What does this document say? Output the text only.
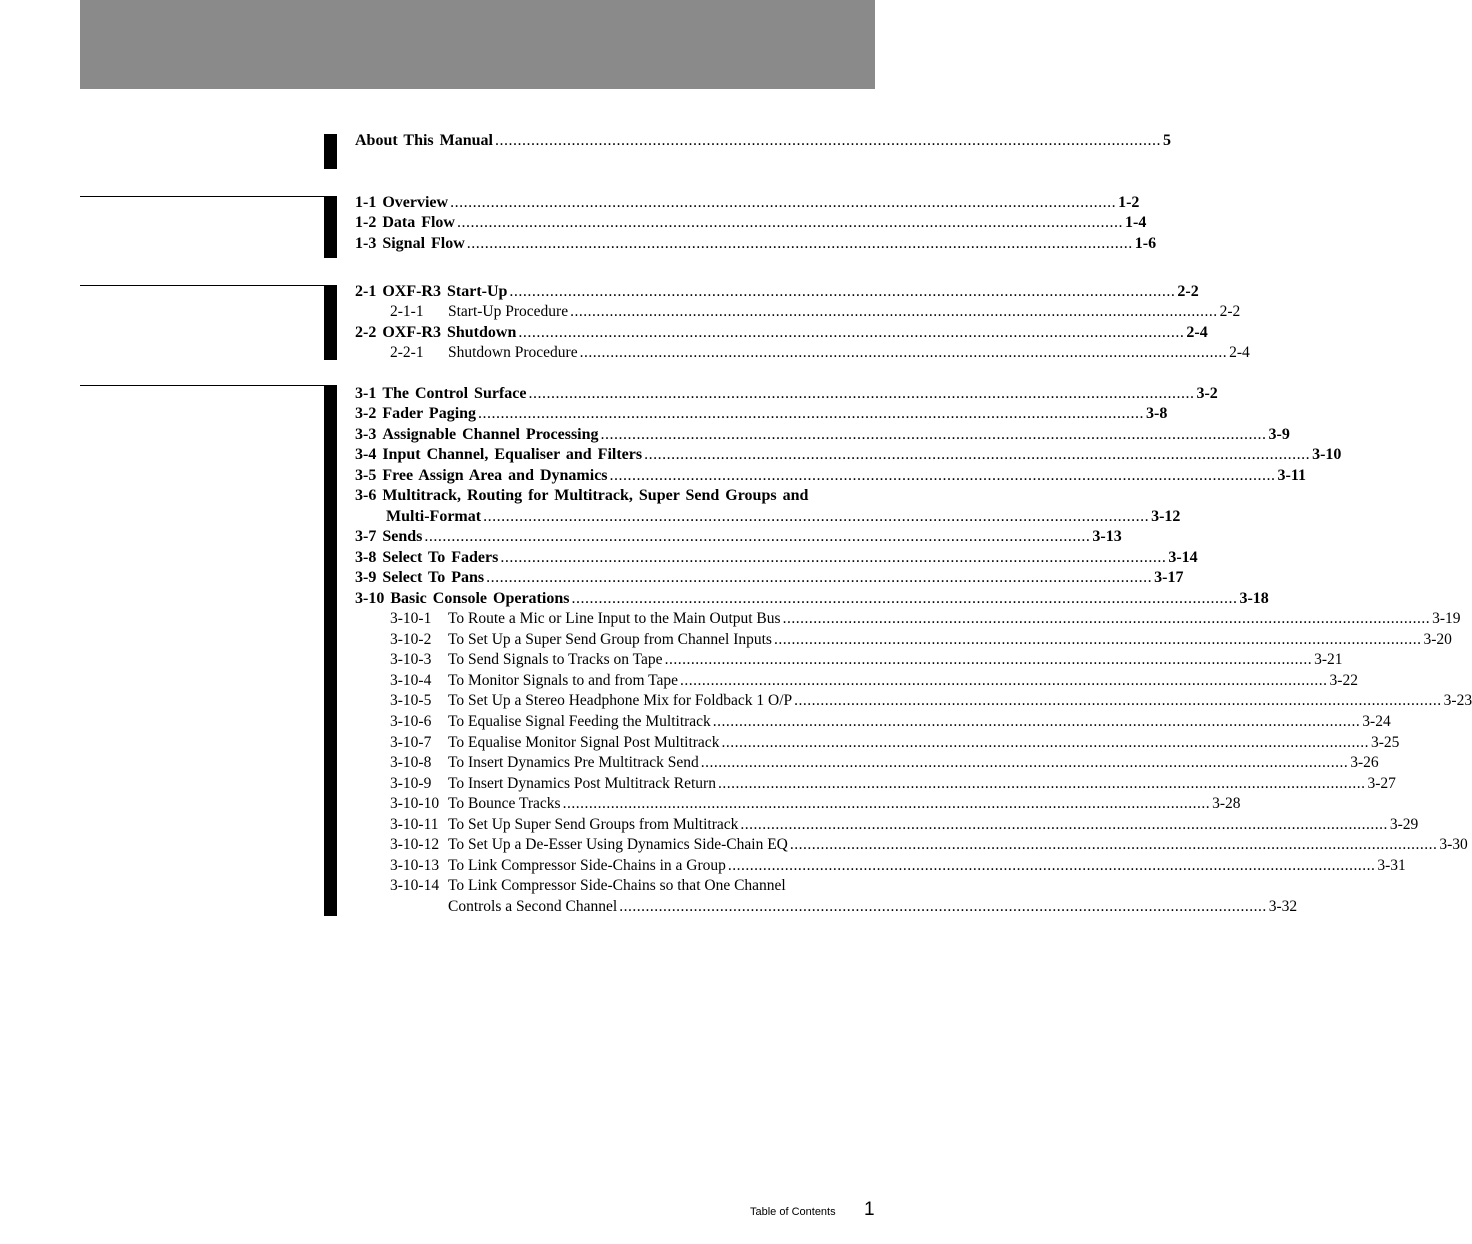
About This Manual .................................................................................................................................................... 5
1-1 Overview .................................................................................................................................................... 1-2
1-2 Data Flow .................................................................................................................................................... 1-4
1-3 Signal Flow .................................................................................................................................................... 1-6
2-1 OXF-R3 Start-Up .................................................................................................................................................... 2-2
2-1-1	Start-Up Procedure .................................................................................................................................................... 2-2
2-2 OXF-R3 Shutdown .................................................................................................................................................... 2-4
2-2-1	Shutdown Procedure .................................................................................................................................................... 2-4
3-1 The Control Surface .................................................................................................................................................... 3-2
3-2 Fader Paging .................................................................................................................................................... 3-8
3-3 Assignable Channel Processing .................................................................................................................................................... 3-9
3-4 Input Channel, Equaliser and Filters .................................................................................................................................................... 3-10
3-5 Free Assign Area and Dynamics .................................................................................................................................................... 3-11
3-6 Multitrack, Routing for Multitrack, Super Send Groups and
Multi-Format .................................................................................................................................................... 3-12
3-7 Sends .................................................................................................................................................... 3-13
3-8 Select To Faders .................................................................................................................................................... 3-14
3-9 Select To Pans .................................................................................................................................................... 3-17
3-10 Basic Console Operations .................................................................................................................................................... 3-18
3-10-1	To Route a Mic or Line Input to the Main Output Bus .................................................................................................................................................... 3-19
3-10-2	To Set Up a Super Send Group from Channel Inputs .................................................................................................................................................... 3-20
3-10-3	To Send Signals to Tracks on Tape .................................................................................................................................................... 3-21
3-10-4	To Monitor Signals to and from Tape .................................................................................................................................................... 3-22
3-10-5	To Set Up a Stereo Headphone Mix for Foldback 1 O/P .................................................................................................................................................... 3-23
3-10-6	To Equalise Signal Feeding the Multitrack .................................................................................................................................................... 3-24
3-10-7	To Equalise Monitor Signal Post Multitrack .................................................................................................................................................... 3-25
3-10-8	To Insert Dynamics Pre Multitrack Send .................................................................................................................................................... 3-26
3-10-9	To Insert Dynamics Post Multitrack Return .................................................................................................................................................... 3-27
3-10-10 To Bounce Tracks .................................................................................................................................................... 3-28
3-10-11 To Set Up Super Send Groups from Multitrack .................................................................................................................................................... 3-29
3-10-12 To Set Up a De-Esser Using Dynamics Side-Chain EQ .................................................................................................................................................... 3-30
3-10-13 To Link Compressor Side-Chains in a Group .................................................................................................................................................... 3-31
3-10-14 To Link Compressor Side-Chains so that One Channel
Controls a Second Channel .................................................................................................................................................... 3-32
Table of Contents 1
